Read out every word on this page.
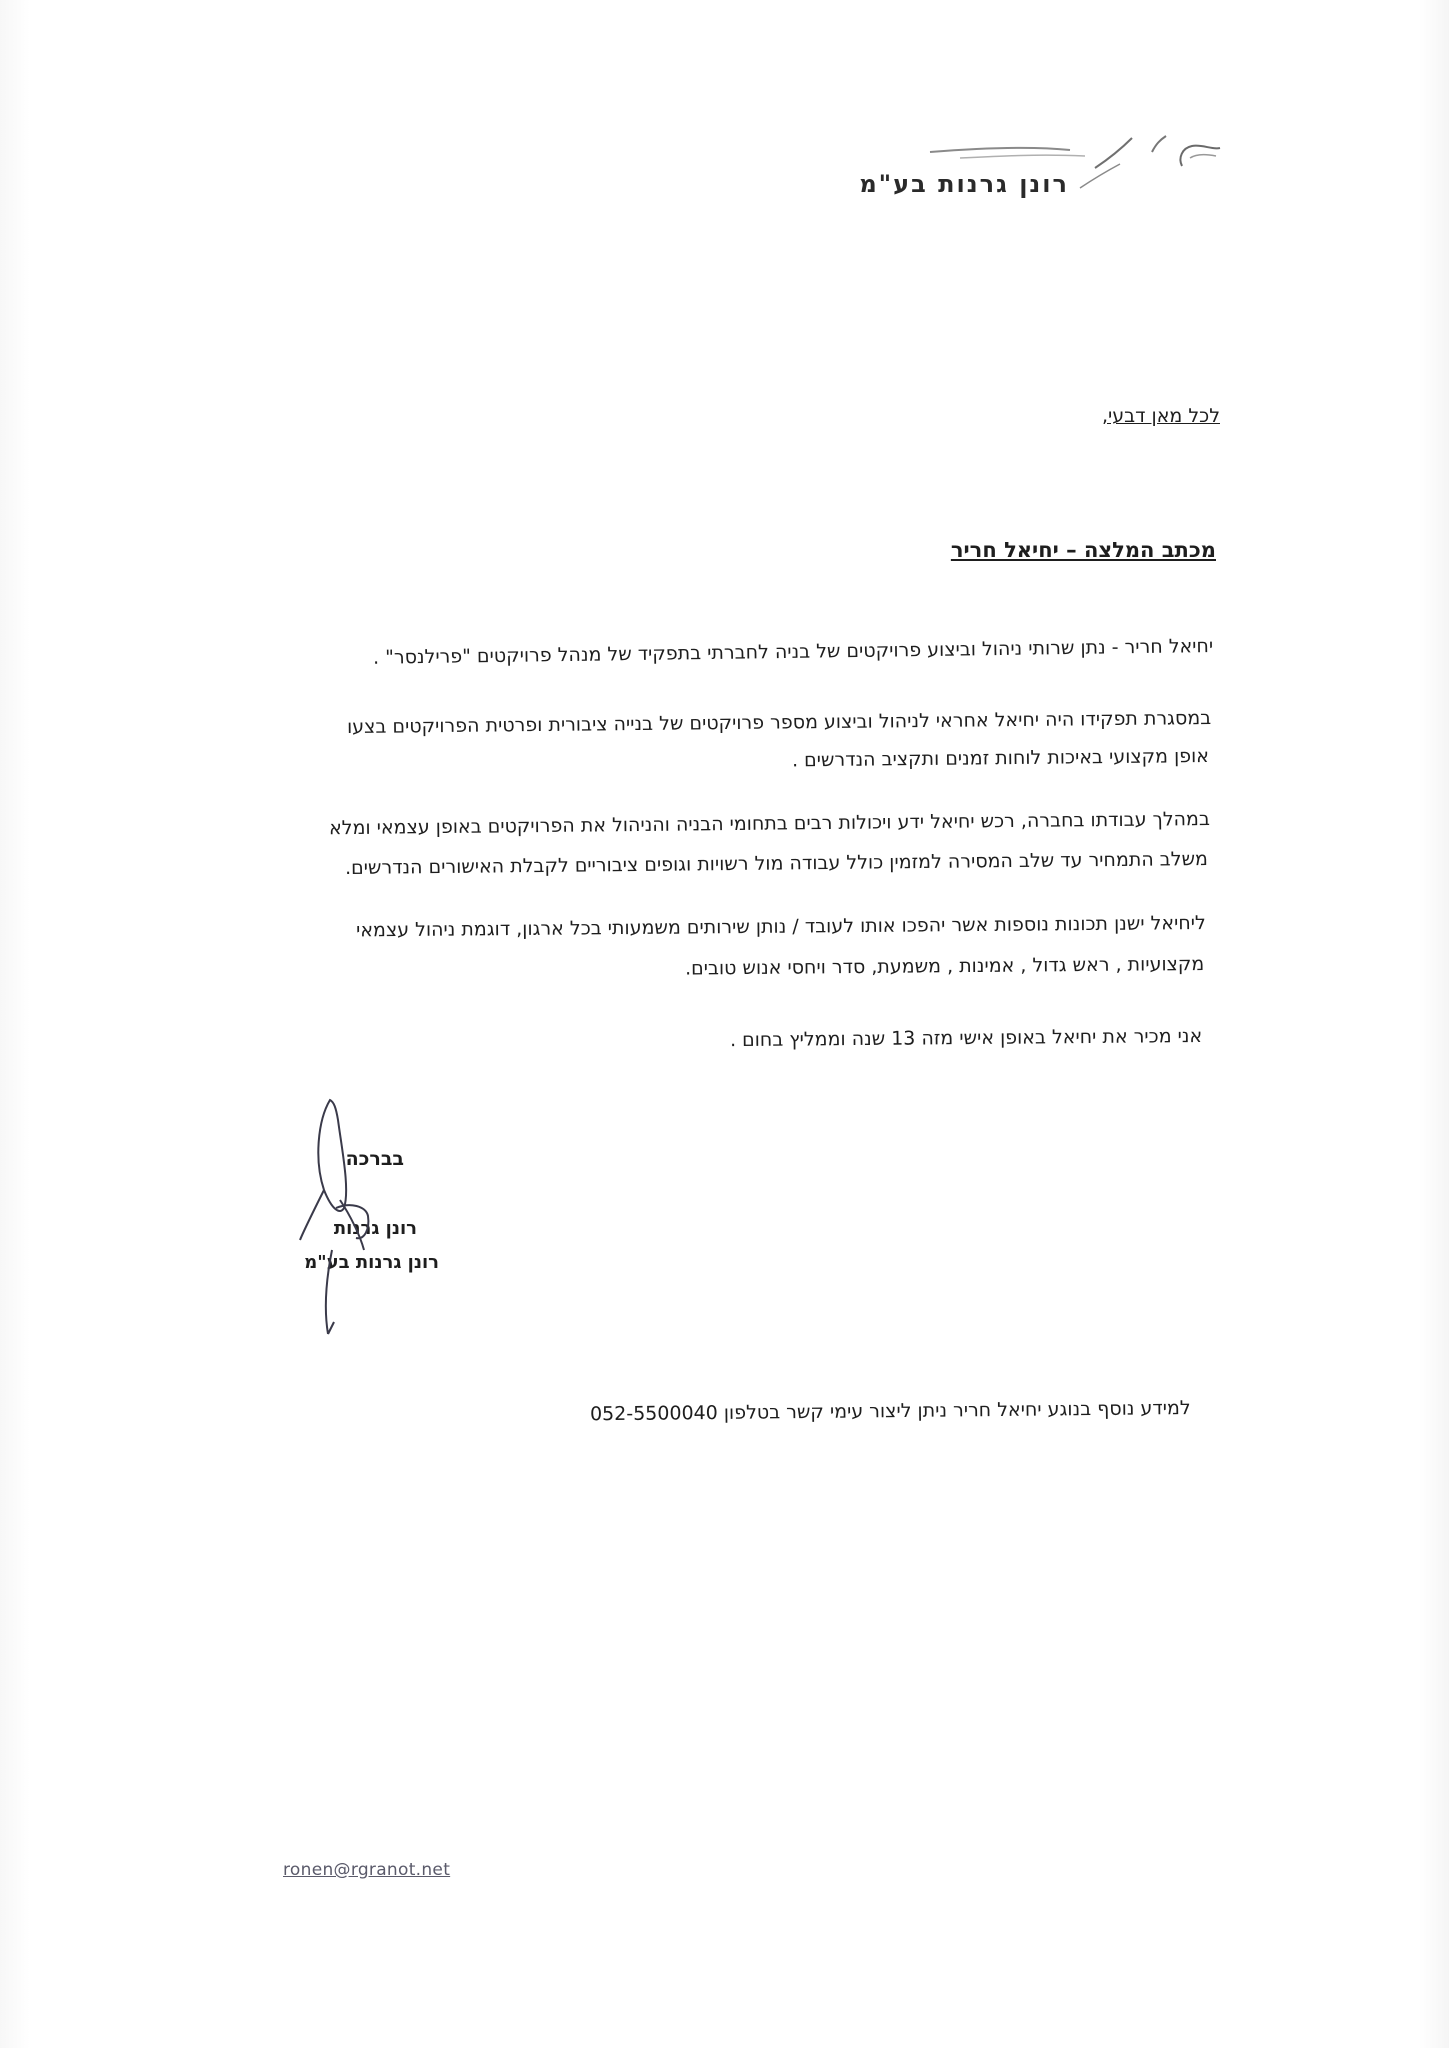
רונן גרנות בע"מ
לכל מאן דבעי,
מכתב המלצה – יחיאל חריר
יחיאל חריר - נתן שרותי ניהול וביצוע פרויקטים של בניה לחברתי בתפקיד של מנהל פרויקטים "פרילנסר" .
במסגרת תפקידו היה יחיאל אחראי לניהול וביצוע מספר פרויקטים של בנייה ציבורית ופרטית הפרויקטים בצעו
אופן מקצועי באיכות לוחות זמנים ותקציב הנדרשים .
במהלך עבודתו בחברה, רכש יחיאל ידע ויכולות רבים בתחומי הבניה והניהול את הפרויקטים באופן עצמאי ומלא
משלב התמחיר עד שלב המסירה למזמין כולל עבודה מול רשויות וגופים ציבוריים לקבלת האישורים הנדרשים.
ליחיאל ישנן תכונות נוספות אשר יהפכו אותו לעובד / נותן שירותים משמעותי בכל ארגון, דוגמת ניהול עצמאי
מקצועיות , ראש גדול , אמינות , משמעת, סדר ויחסי אנוש טובים.
אני מכיר את יחיאל באופן אישי מזה 13 שנה וממליץ בחום .
בברכה
רונן גרנות
רונן גרנות בע"מ
למידע נוסף בנוגע יחיאל חריר ניתן ליצור עימי קשר בטלפון 052-5500040
ronen@rgranot.net
